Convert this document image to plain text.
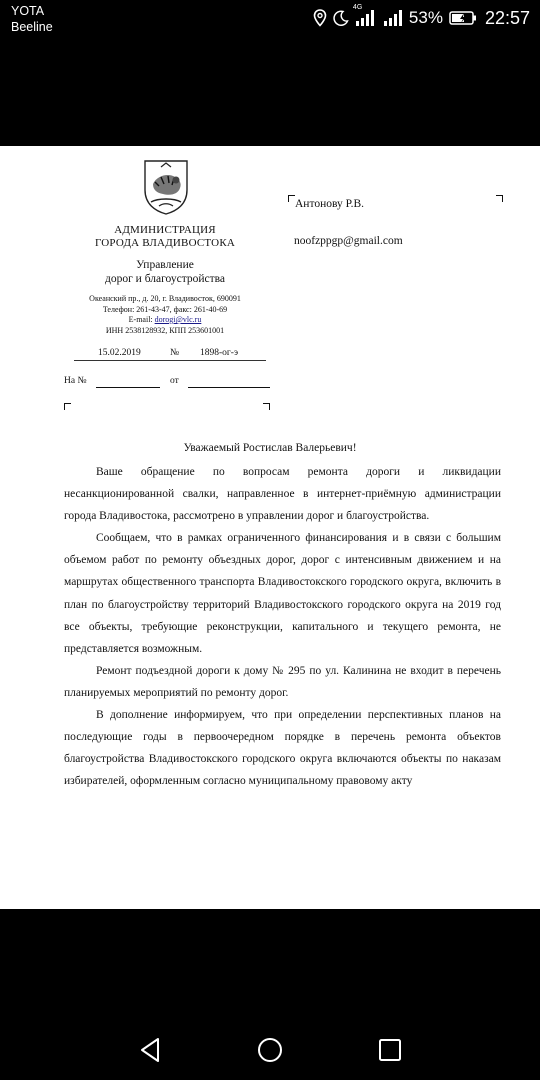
YOTA
Beeline
4G
53% 22:57
АДМИНИСТРАЦИЯ
ГОРОДА ВЛАДИВОСТОКА
Управление
дорог и благоустройства
Океанский пр., д. 20, г. Владивосток, 690091
Телефон: 261-43-47, факс: 261-40-69
E-mail: dorogi@vlc.ru
ИНН 2538128932, КПП 253601001
15.02.2019	№ 1898-ог-э
На №	от
Антонову Р.В.
noofzppgp@gmail.com
Уважаемый Ростислав Валерьевич!

Ваше обращение по вопросам ремонта дороги и ликвидации несанкционированной свалки, направленное в интернет-приёмную администрации города Владивостока, рассмотрено в управлении дорог и благоустройства.

Сообщаем, что в рамках ограниченного финансирования и в связи с большим объемом работ по ремонту объездных дорог, дорог с интенсивным движением и на маршрутах общественного транспорта Владивостокского городского округа, включить в план по благоустройству территорий Владивостокского городского округа на 2019 год все объекты, требующие реконструкции, капитального и текущего ремонта, не представляется возможным.

Ремонт подъездной дороги к дому № 295 по ул. Калинина не входит в перечень планируемых мероприятий по ремонту дорог.

В дополнение информируем, что при определении перспективных планов на последующие годы в первоочередном порядке в перечень ремонта объектов благоустройства Владивостокского городского округа включаются объекты по наказам избирателей, оформленным согласно муниципальному правовому акту
